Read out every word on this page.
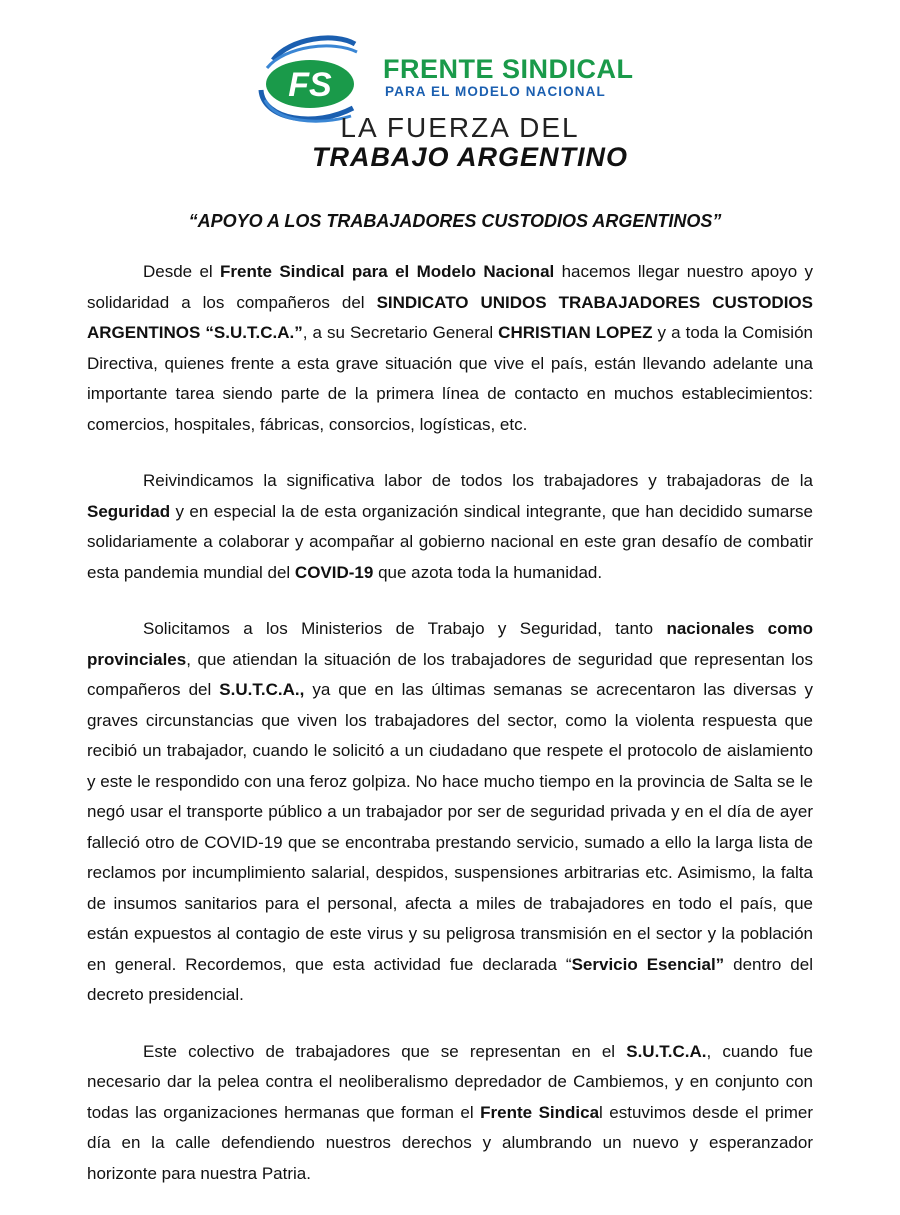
FS FRENTE SINDICAL
PARA EL MODELO NACIONAL
LA FUERZA DEL
TRABAJO ARGENTINO
“APOYO A LOS TRABAJADORES CUSTODIOS ARGENTINOS”

Desde el Frente Sindical para el Modelo Nacional hacemos llegar nuestro apoyo y solidaridad a los compañeros del SINDICATO UNIDOS TRABAJADORES CUSTODIOS ARGENTINOS “S.U.T.C.A.”, a su Secretario General CHRISTIAN LOPEZ y a toda la Comisión Directiva, quienes frente a esta grave situación que vive el país, están llevando adelante una importante tarea siendo parte de la primera línea de contacto en muchos establecimientos: comercios, hospitales, fábricas, consorcios, logísticas, etc.

Reivindicamos la significativa labor de todos los trabajadores y trabajadoras de la Seguridad y en especial la de esta organización sindical integrante, que han decidido sumarse solidariamente a colaborar y acompañar al gobierno nacional en este gran desafío de combatir esta pandemia mundial del COVID-19 que azota toda la humanidad.

Solicitamos a los Ministerios de Trabajo y Seguridad, tanto nacionales como provinciales, que atiendan la situación de los trabajadores de seguridad que representan los compañeros del S.U.T.C.A., ya que en las últimas semanas se acrecentaron las diversas y graves circunstancias que viven los trabajadores del sector, como la violenta respuesta que recibió un trabajador, cuando le solicitó a un ciudadano que respete el protocolo de aislamiento y este le respondido con una feroz golpiza. No hace mucho tiempo en la provincia de Salta se le negó usar el transporte público a un trabajador por ser de seguridad privada y en el día de ayer falleció otro de COVID-19 que se encontraba prestando servicio, sumado a ello la larga lista de reclamos por incumplimiento salarial, despidos, suspensiones arbitrarias etc. Asimismo, la falta de insumos sanitarios para el personal, afecta a miles de trabajadores en todo el país, que están expuestos al contagio de este virus y su peligrosa transmisión en el sector y la población en general. Recordemos, que esta actividad fue declarada “Servicio Esencial” dentro del decreto presidencial.

Este colectivo de trabajadores que se representan en el S.U.T.C.A., cuando fue necesario dar la pelea contra el neoliberalismo depredador de Cambiemos, y en conjunto con todas las organizaciones hermanas que forman el Frente Sindical estuvimos desde el primer día en la calle defendiendo nuestros derechos y alumbrando un nuevo y esperanzador horizonte para nuestra Patria.
